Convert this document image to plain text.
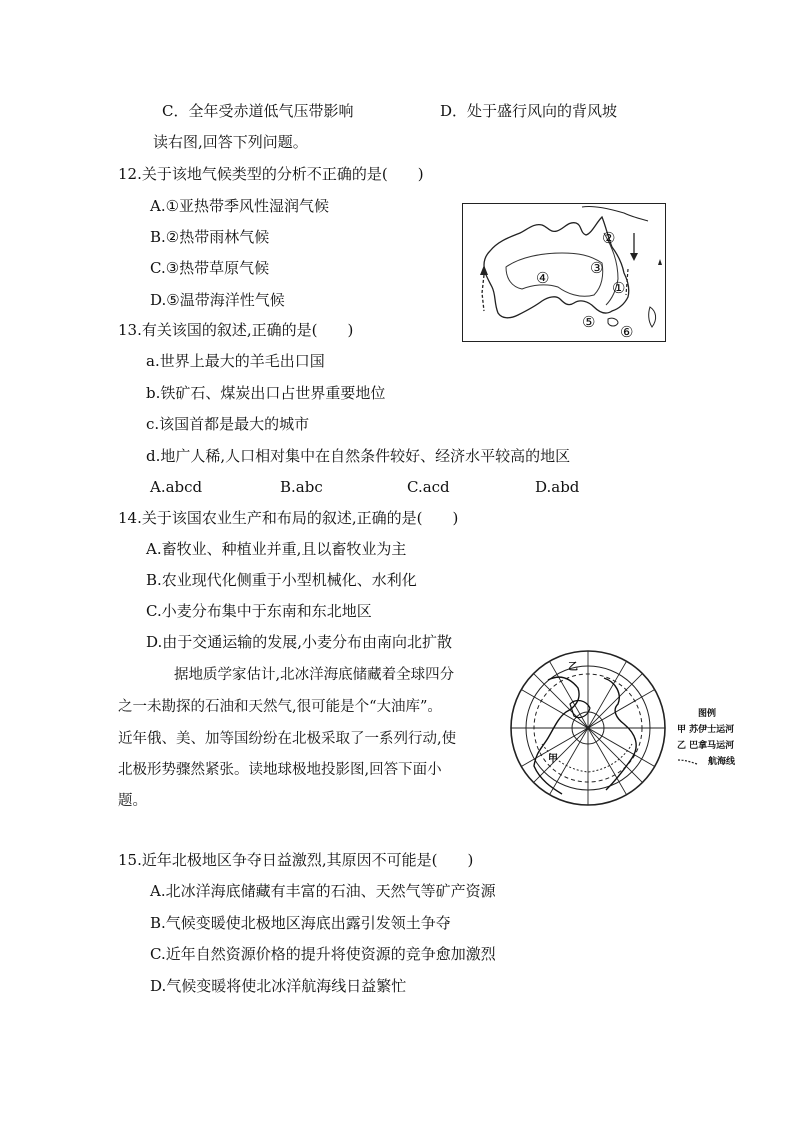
C．全年受赤道低气压带影响	D．处于盛行风向的背风坡
读右图,回答下列问题。
12.关于该地气候类型的分析不正确的是(　　)
A.①亚热带季风性湿润气候
B.②热带雨林气候
C.③热带草原气候
D.⑤温带海洋性气候
①
②
③
④
⑤
⑥
13.有关该国的叙述,正确的是(　　)
a.世界上最大的羊毛出口国
b.铁矿石、煤炭出口占世界重要地位
c.该国首都是最大的城市
d.地广人稀,人口相对集中在自然条件较好、经济水平较高的地区
A.abcd	B.abc	C.acd	D.abd
14.关于该国农业生产和布局的叙述,正确的是(　　)
A.畜牧业、种植业并重,且以畜牧业为主
B.农业现代化侧重于小型机械化、水利化
C.小麦分布集中于东南和东北地区
D.由于交通运输的发展,小麦分布由南向北扩散
据地质学家估计,北冰洋海底储藏着全球四分
之一未勘探的石油和天然气,很可能是个“大油库”。
近年俄、美、加等国纷纷在北极采取了一系列行动,使
北极形势骤然紧张。读地球极地投影图,回答下面小
题。
甲
乙
图例
甲 苏伊士运河
乙 巴拿马运河
航海线
15.近年北极地区争夺日益激烈,其原因不可能是(　　)
A.北冰洋海底储藏有丰富的石油、天然气等矿产资源
B.气候变暖使北极地区海底出露引发领土争夺
C.近年自然资源价格的提升将使资源的竞争愈加激烈
D.气候变暖将使北冰洋航海线日益繁忙
